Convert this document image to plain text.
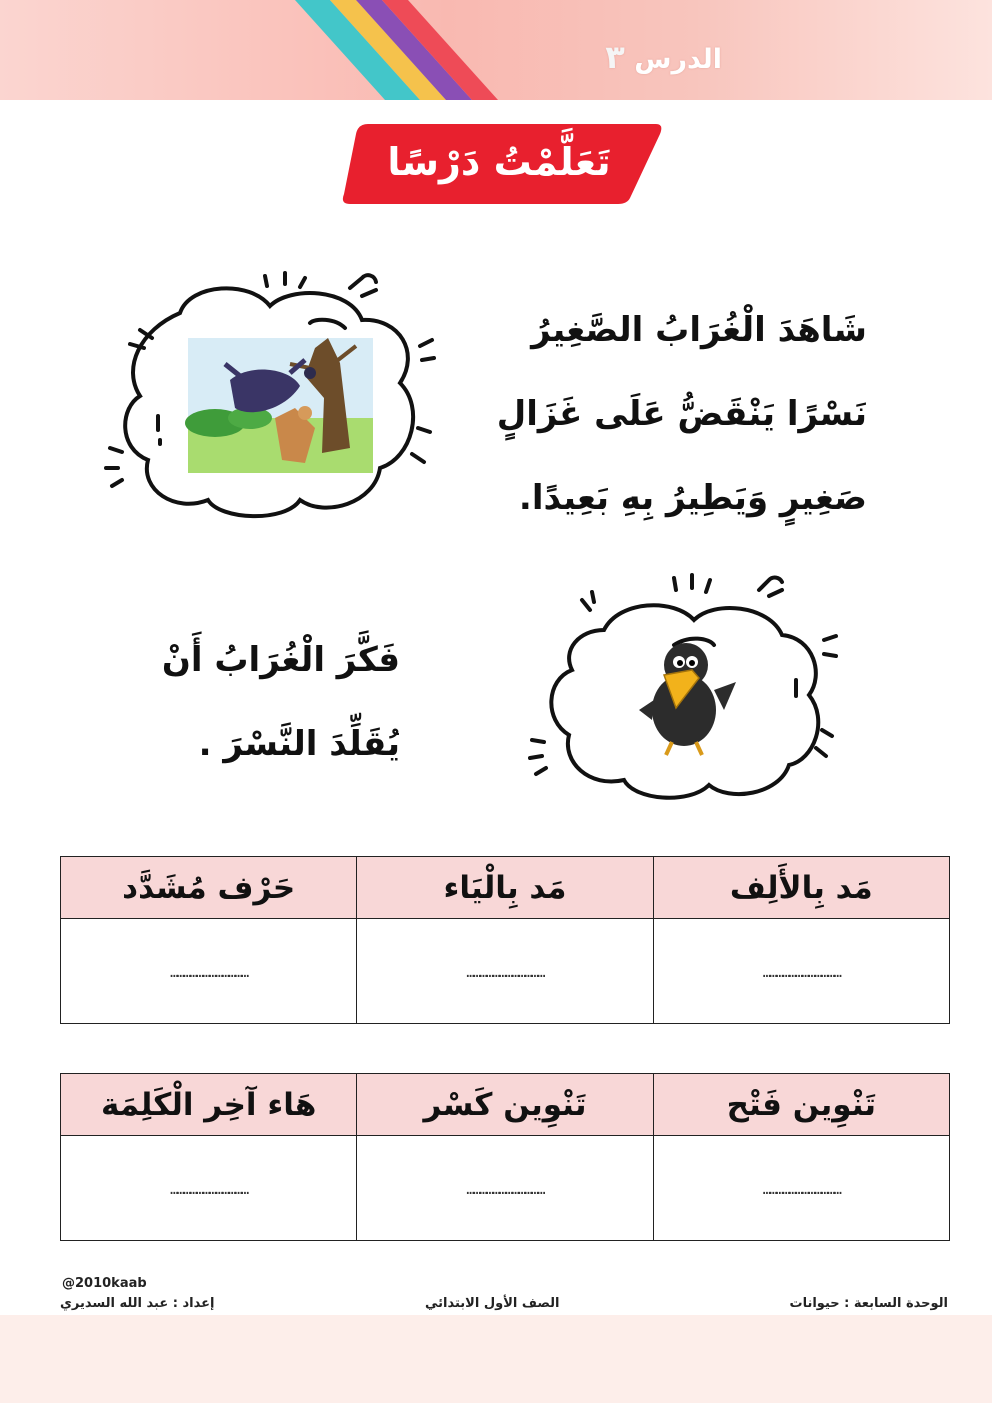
الدرس ٣
تَعَلَّمْتُ دَرْسًا
شَاهَدَ الْغُرَابُ الصَّغِيرُ
نَسْرًا يَنْقَضُّ عَلَى غَزَالٍ
صَغِيرٍ وَيَطِيرُ بِهِ بَعِيدًا.
فَكَّرَ الْغُرَابُ أَنْ
يُقَلِّدَ النَّسْرَ .
مَد بِالأَلِف	مَد بِالْيَاء	حَرْف مُشَدَّد
………………………………	………………………………	………………………………
تَنْوِين فَتْح	تَنْوِين كَسْر	هَاء آخِر الْكَلِمَة
………………………………	………………………………	………………………………
@2010kaab
إعداد : عبد الله السديري	الصف الأول الابتدائي	الوحدة السابعة : حيوانات
